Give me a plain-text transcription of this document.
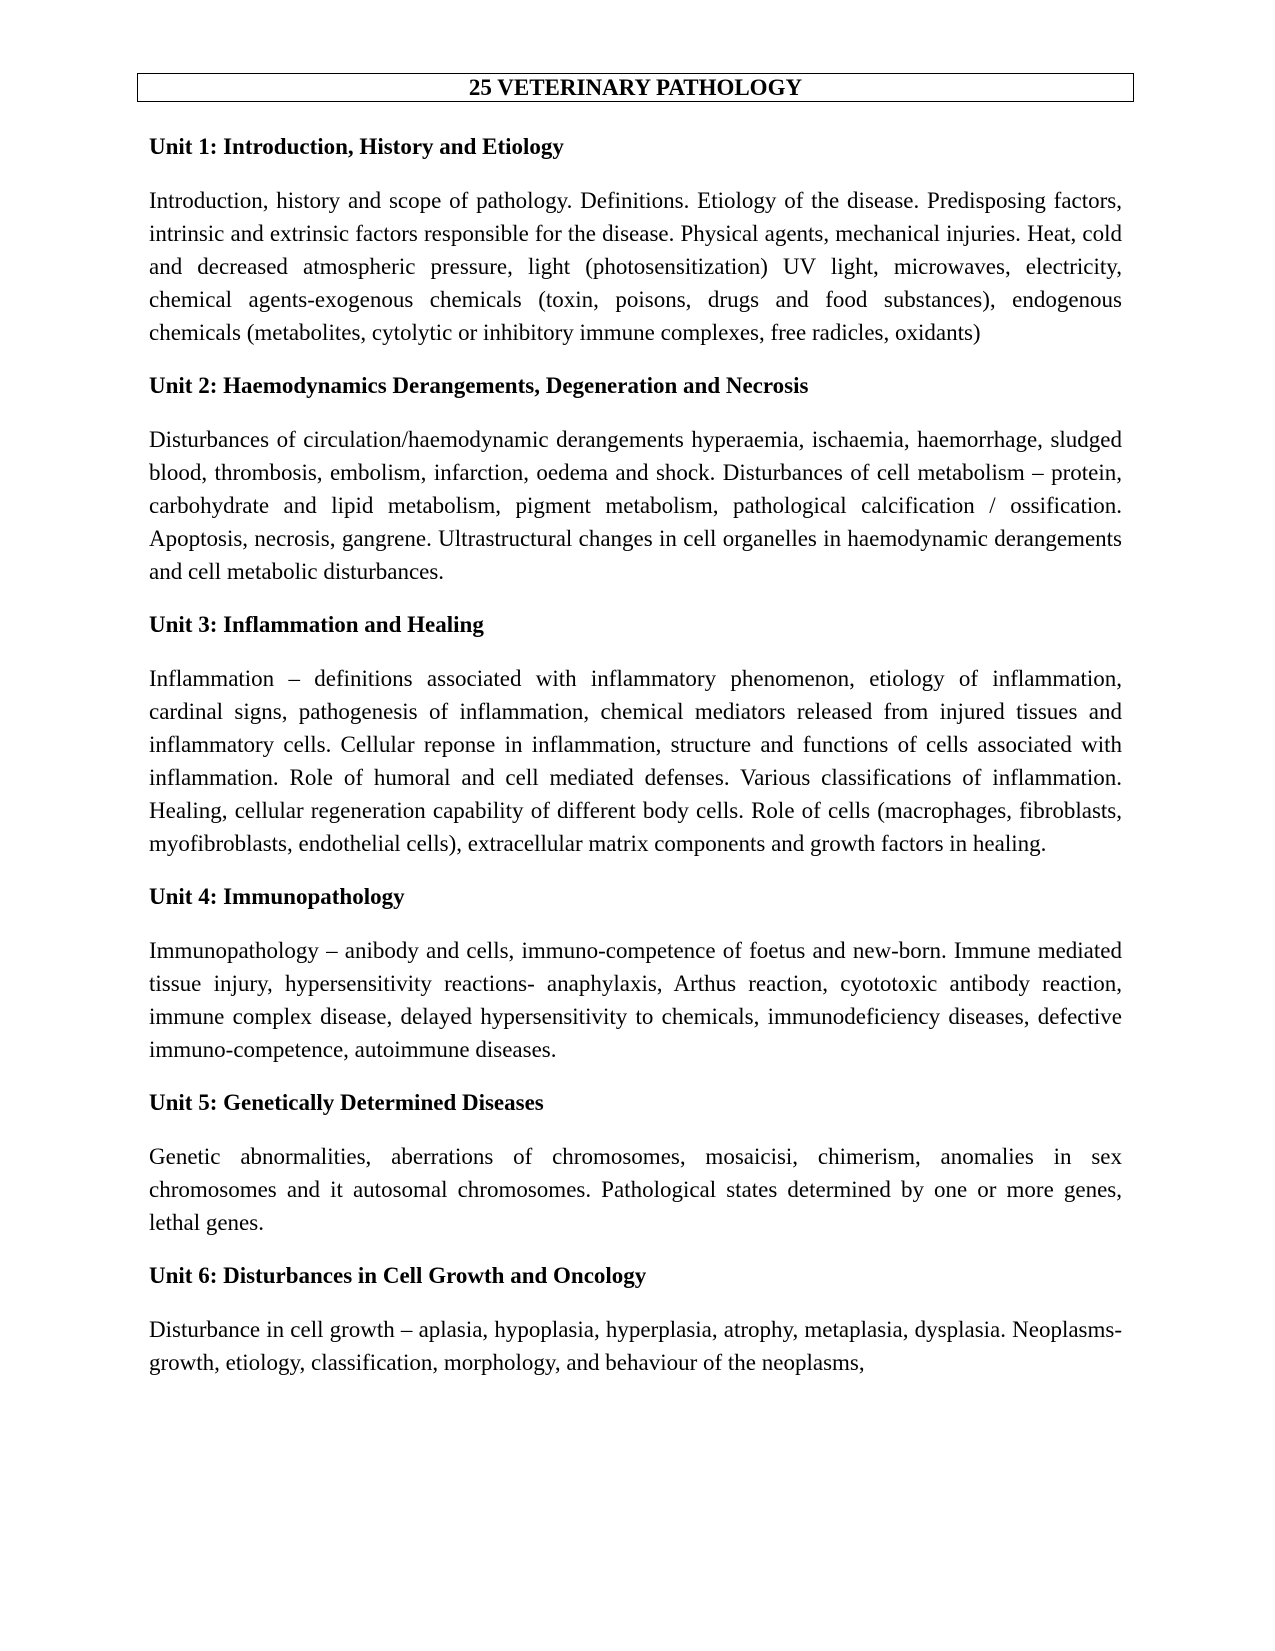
25 VETERINARY PATHOLOGY
Unit 1: Introduction, History and Etiology
Introduction, history and scope of pathology. Definitions. Etiology of the disease. Predisposing factors, intrinsic and extrinsic factors responsible for the disease. Physical agents, mechanical injuries. Heat, cold and decreased atmospheric pressure, light (photosensitization) UV light, microwaves, electricity, chemical agents-exogenous chemicals (toxin, poisons, drugs and food substances), endogenous chemicals (metabolites, cytolytic or inhibitory immune complexes, free radicles, oxidants)
Unit 2: Haemodynamics Derangements, Degeneration and Necrosis
Disturbances of circulation/haemodynamic derangements hyperaemia, ischaemia, haemorrhage, sludged blood, thrombosis, embolism, infarction, oedema and shock. Disturbances of cell metabolism – protein, carbohydrate and lipid metabolism, pigment metabolism, pathological calcification / ossification. Apoptosis, necrosis, gangrene. Ultrastructural changes in cell organelles in haemodynamic derangements and cell metabolic disturbances.
Unit 3: Inflammation and Healing
Inflammation – definitions associated with inflammatory phenomenon, etiology of inflammation, cardinal signs, pathogenesis of inflammation, chemical mediators released from injured tissues and inflammatory cells. Cellular reponse in inflammation, structure and functions of cells associated with inflammation. Role of humoral and cell mediated defenses. Various classifications of inflammation. Healing, cellular regeneration capability of different body cells. Role of cells (macrophages, fibroblasts, myofibroblasts, endothelial cells), extracellular matrix components and growth factors in healing.
Unit 4: Immunopathology
Immunopathology – anibody and cells, immuno-competence of foetus and new-born. Immune mediated tissue injury, hypersensitivity reactions- anaphylaxis, Arthus reaction, cyototoxic antibody reaction, immune complex disease, delayed hypersensitivity to chemicals, immunodeficiency diseases, defective immuno-competence, autoimmune diseases.
Unit 5: Genetically Determined Diseases
Genetic abnormalities, aberrations of chromosomes, mosaicisi, chimerism, anomalies in sex chromosomes and it autosomal chromosomes. Pathological states determined by one or more genes, lethal genes.
Unit 6: Disturbances in Cell Growth and Oncology
Disturbance in cell growth – aplasia, hypoplasia, hyperplasia, atrophy, metaplasia, dysplasia. Neoplasms-growth, etiology, classification, morphology, and behaviour of the neoplasms,
